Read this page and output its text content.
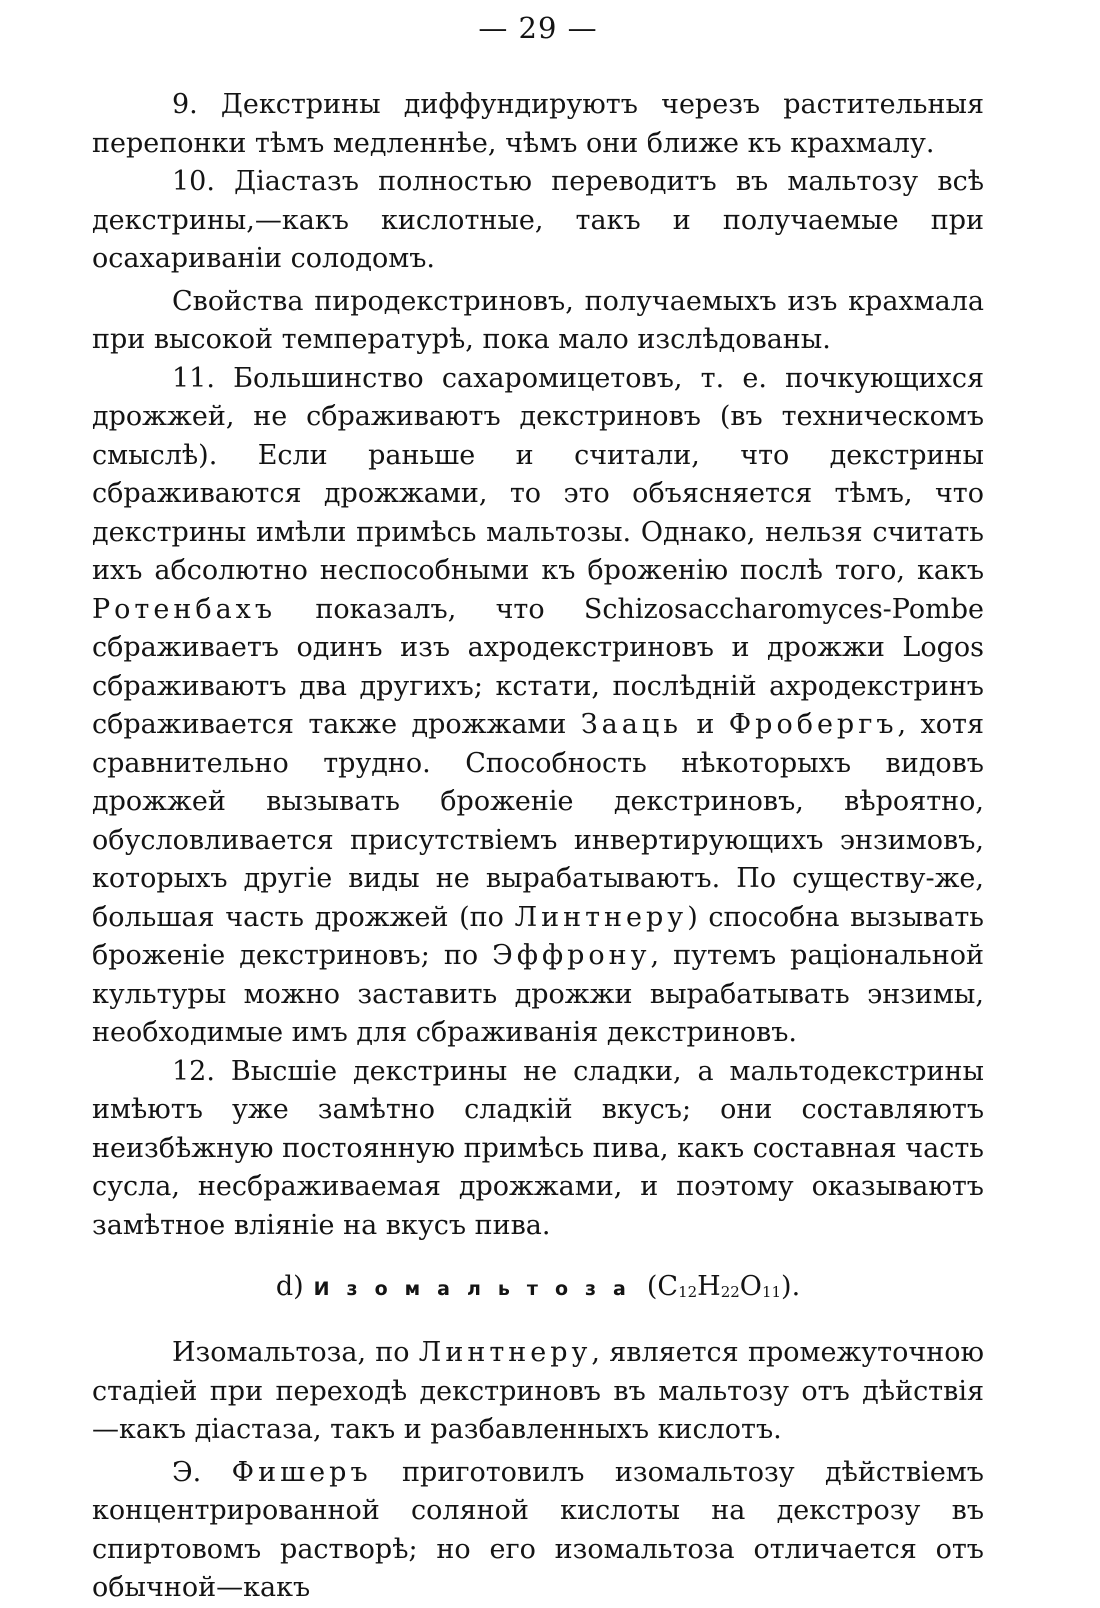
— 29 —

9. Декстрины диффундируютъ черезъ растительныя перепонки тѣмъ медленнѣе, чѣмъ они ближе къ крахмалу.

10. Діастазъ полностью переводитъ въ мальтозу всѣ декстрины,—какъ кислотные, такъ и получаемые при осахариваніи солодомъ.

Свойства пиродекстриновъ, получаемыхъ изъ крахмала при высокой температурѣ, пока мало изслѣдованы.

11. Большинство сахаромицетовъ, т. е. почкующихся дрожжей, не сбраживаютъ декстриновъ (въ техническомъ смыслѣ). Если раньше и считали, что декстрины сбраживаются дрожжами, то это объясняется тѣмъ, что декстрины имѣли примѣсь мальтозы. Однако, нельзя считать ихъ абсолютно неспособными къ броженію послѣ того, какъ Ротенбахъ показалъ, что Schizosaccharomyces-Pombe сбраживаетъ одинъ изъ ахродекстриновъ и дрожжи Logos сбраживаютъ два другихъ; кстати, послѣдній ахродекстринъ сбраживается также дрожжами Зааць и Фробергъ, хотя сравнительно трудно. Способность нѣкоторыхъ видовъ дрожжей вызывать броженіе декстриновъ, вѣроятно, обусловливается присутствіемъ инвертирующихъ энзимовъ, которыхъ другіе виды не вырабатываютъ. По существу-же, большая часть дрожжей (по Линтнеру) способна вызывать броженіе декстриновъ; по Эффрону, путемъ раціональной культуры можно заставить дрожжи вырабатывать энзимы, необходимые имъ для сбраживанія декстриновъ.

12. Высшіе декстрины не сладки, а мальтодекстрины имѣютъ уже замѣтно сладкій вкусъ; они составляютъ неизбѣжную постоянную примѣсь пива, какъ составная часть сусла, несбраживаемая дрожжами, и поэтому оказываютъ замѣтное вліяніе на вкусъ пива.

d) Изомальтоза $(C_{12}H_{22}O_{11})$.

Изомальтоза, по Линтнеру, является промежуточною стадіей при переходѣ декстриновъ въ мальтозу отъ дѣйствія—какъ діастаза, такъ и разбавленныхъ кислотъ.

Э. Фишеръ приготовилъ изомальтозу дѣйствіемъ концентрированной соляной кислоты на декстрозу въ спиртовомъ растворѣ; но его изомальтоза отличается отъ обычной—какъ
